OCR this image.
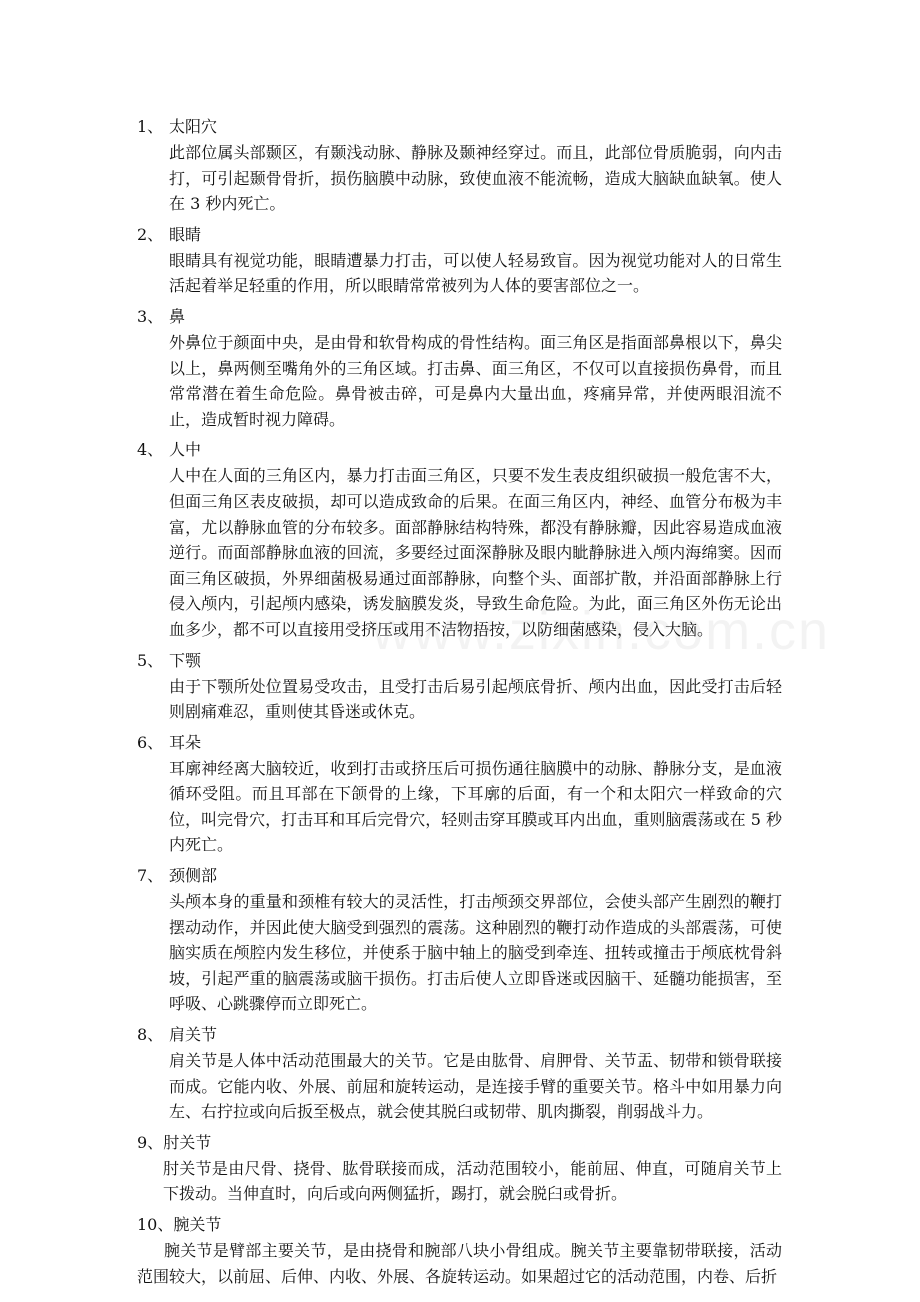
1、 太阳穴
此部位属头部颞区，有颞浅动脉、静脉及颞神经穿过。而且，此部位骨质脆弱，向内击打，可引起颞骨骨折，损伤脑膜中动脉，致使血液不能流畅，造成大脑缺血缺氧。使人在 3 秒内死亡。
2、 眼睛
眼睛具有视觉功能，眼睛遭暴力打击，可以使人轻易致盲。因为视觉功能对人的日常生活起着举足轻重的作用，所以眼睛常常被列为人体的要害部位之一。
3、 鼻
外鼻位于颜面中央，是由骨和软骨构成的骨性结构。面三角区是指面部鼻根以下，鼻尖以上，鼻两侧至嘴角外的三角区域。打击鼻、面三角区，不仅可以直接损伤鼻骨，而且常常潜在着生命危险。鼻骨被击碎，可是鼻内大量出血，疼痛异常，并使两眼泪流不止，造成暂时视力障碍。
4、 人中
人中在人面的三角区内，暴力打击面三角区，只要不发生表皮组织破损一般危害不大，但面三角区表皮破损，却可以造成致命的后果。在面三角区内，神经、血管分布极为丰富，尤以静脉血管的分布较多。面部静脉结构特殊，都没有静脉瓣，因此容易造成血液逆行。而面部静脉血液的回流，多要经过面深静脉及眼内眦静脉进入颅内海绵窦。因而面三角区破损，外界细菌极易通过面部静脉，向整个头、面部扩散，并沿面部静脉上行侵入颅内，引起颅内感染，诱发脑膜发炎，导致生命危险。为此，面三角区外伤无论出血多少，都不可以直接用受挤压或用不洁物捂按，以防细菌感染，侵入大脑。
5、 下颚
由于下颚所处位置易受攻击，且受打击后易引起颅底骨折、颅内出血，因此受打击后轻则剧痛难忍，重则使其昏迷或休克。
6、 耳朵
耳廓神经离大脑较近，收到打击或挤压后可损伤通往脑膜中的动脉、静脉分支，是血液循环受阻。而且耳部在下颌骨的上缘，下耳廓的后面，有一个和太阳穴一样致命的穴位，叫完骨穴，打击耳和耳后完骨穴，轻则击穿耳膜或耳内出血，重则脑震荡或在 5 秒内死亡。
7、 颈侧部
头颅本身的重量和颈椎有较大的灵活性，打击颅颈交界部位，会使头部产生剧烈的鞭打摆动动作，并因此使大脑受到强烈的震荡。这种剧烈的鞭打动作造成的头部震荡，可使脑实质在颅腔内发生移位，并使系于脑中轴上的脑受到牵连、扭转或撞击于颅底枕骨斜坡，引起严重的脑震荡或脑干损伤。打击后使人立即昏迷或因脑干、延髓功能损害，至呼吸、心跳骤停而立即死亡。
8、 肩关节
肩关节是人体中活动范围最大的关节。它是由肱骨、肩胛骨、关节盂、韧带和锁骨联接而成。它能内收、外展、前屈和旋转运动，是连接手臂的重要关节。格斗中如用暴力向左、右拧拉或向后扳至极点，就会使其脱臼或韧带、肌肉撕裂，削弱战斗力。
9、肘关节
肘关节是由尺骨、挠骨、肱骨联接而成，活动范围较小，能前屈、伸直，可随肩关节上下拨动。当伸直时，向后或向两侧猛折，踢打，就会脱臼或骨折。
10、腕关节
腕关节是臂部主要关节，是由挠骨和腕部八块小骨组成。腕关节主要靠韧带联接，活动范围较大，以前屈、后伸、内收、外展、各旋转运动。如果超过它的活动范围，内卷、后折
